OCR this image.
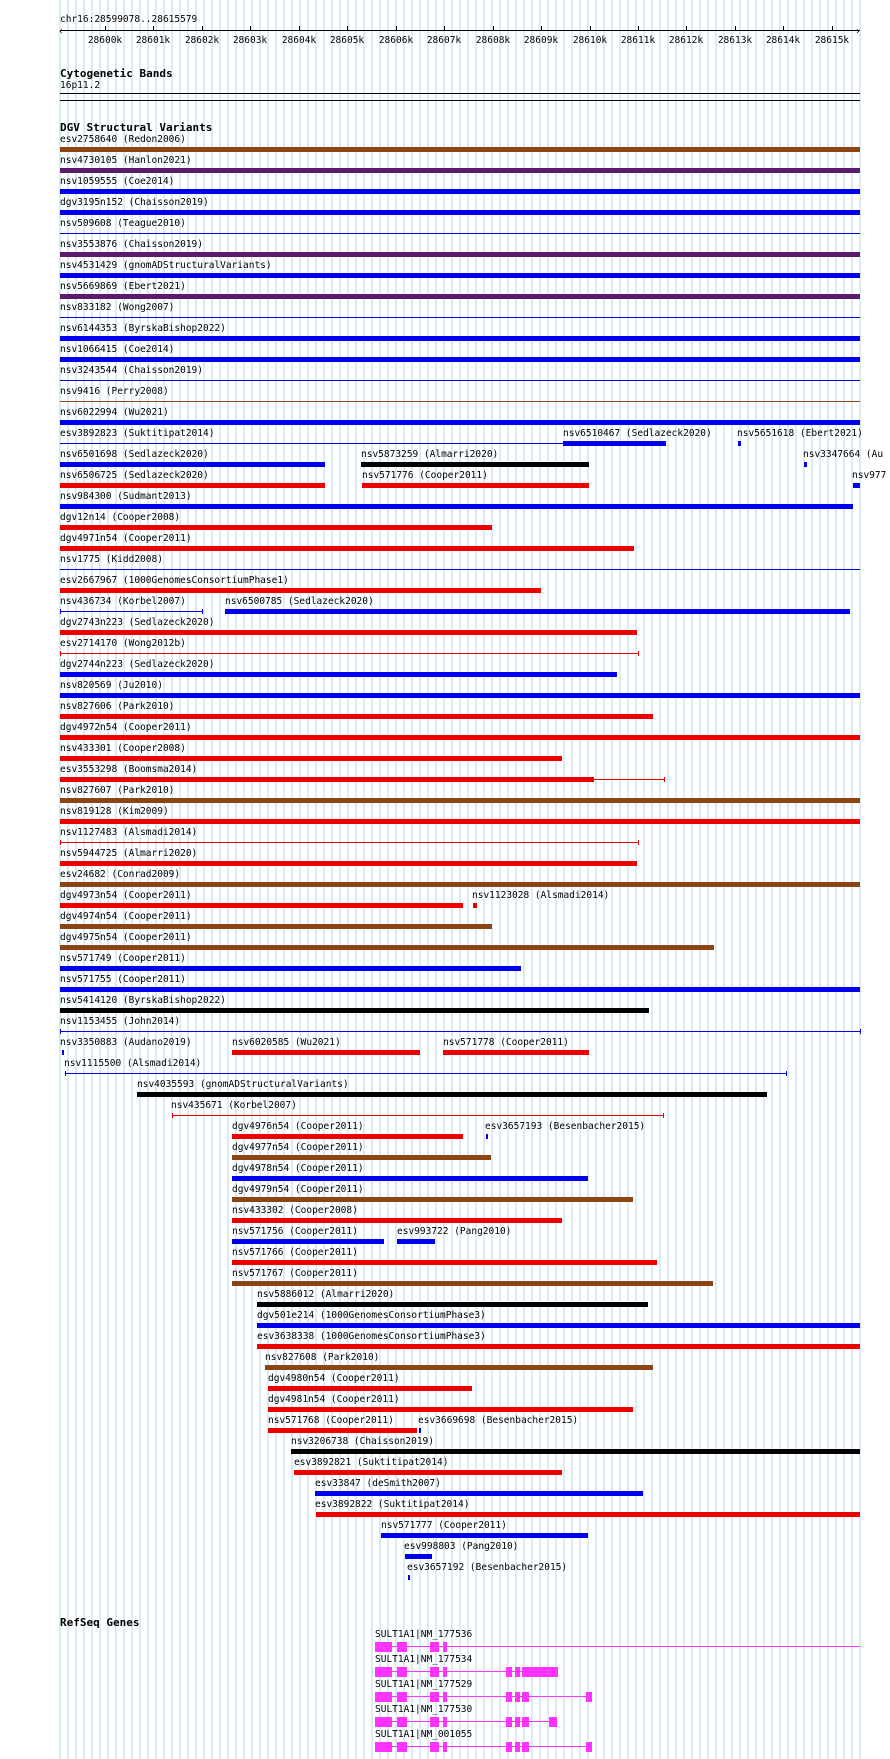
chr16:28599078..28615579
‹	›
28600k 28601k 28602k 28603k 28604k 28605k 28606k 28607k 28608k 28609k 28610k 28611k 28612k 28613k 28614k 28615k
Cytogenetic Bands
16p11.2
DGV Structural Variants
esv2758640 (Redon2006)
nsv4730105 (Hanlon2021)
nsv1059555 (Coe2014)
dgv3195n152 (Chaisson2019)
nsv509608 (Teague2010)
nsv3553876 (Chaisson2019)
nsv4531429 (gnomADStructuralVariants)
nsv5669869 (Ebert2021)
nsv833182 (Wong2007)
nsv6144353 (ByrskaBishop2022)
nsv1066415 (Coe2014)
nsv3243544 (Chaisson2019)
nsv9416 (Perry2008)
nsv6022994 (Wu2021)
esv3892823 (Suktitipat2014)	nsv6510467 (Sedlazeck2020)	nsv5651618 (Ebert2021)
nsv6501698 (Sedlazeck2020)	nsv5873259 (Almarri2020)	nsv3347664 (Au
nsv6506725 (Sedlazeck2020)	nsv571776 (Cooper2011)	nsv977
nsv984300 (Sudmant2013)
dgv12n14 (Cooper2008)
dgv4971n54 (Cooper2011)
nsv1775 (Kidd2008)
esv2667967 (1000GenomesConsortiumPhase1)
nsv436734 (Korbel2007)	nsv6500785 (Sedlazeck2020)
dgv2743n223 (Sedlazeck2020)
esv2714170 (Wong2012b)
dgv2744n223 (Sedlazeck2020)
nsv820569 (Ju2010)
nsv827606 (Park2010)
dgv4972n54 (Cooper2011)
nsv433301 (Cooper2008)
esv3553298 (Boomsma2014)
nsv827607 (Park2010)
nsv819128 (Kim2009)
nsv1127483 (Alsmadi2014)
nsv5944725 (Almarri2020)
esv24682 (Conrad2009)
dgv4973n54 (Cooper2011)	nsv1123028 (Alsmadi2014)
dgv4974n54 (Cooper2011)
dgv4975n54 (Cooper2011)
nsv571749 (Cooper2011)
nsv571755 (Cooper2011)
nsv5414120 (ByrskaBishop2022)
nsv1153455 (John2014)
nsv3350883 (Audano2019)	nsv6020585 (Wu2021)	nsv571778 (Cooper2011)
nsv1115500 (Alsmadi2014)
nsv4035593 (gnomADStructuralVariants)
nsv435671 (Korbel2007)
dgv4976n54 (Cooper2011)	esv3657193 (Besenbacher2015)
dgv4977n54 (Cooper2011)
dgv4978n54 (Cooper2011)
dgv4979n54 (Cooper2011)
nsv433302 (Cooper2008)
nsv571756 (Cooper2011)	esv993722 (Pang2010)
nsv571766 (Cooper2011)
nsv571767 (Cooper2011)
nsv5886012 (Almarri2020)
dgv501e214 (1000GenomesConsortiumPhase3)
esv3638338 (1000GenomesConsortiumPhase3)
nsv827608 (Park2010)
dgv4980n54 (Cooper2011)
dgv4981n54 (Cooper2011)
nsv571768 (Cooper2011)	esv3669698 (Besenbacher2015)
nsv3206738 (Chaisson2019)
esv3892821 (Suktitipat2014)
esv33847 (deSmith2007)
esv3892822 (Suktitipat2014)
nsv571777 (Cooper2011)
esv998803 (Pang2010)
esv3657192 (Besenbacher2015)
RefSeq Genes
SULT1A1|NM_177536
SULT1A1|NM_177534
SULT1A1|NM_177529
SULT1A1|NM_177530
SULT1A1|NM_001055
